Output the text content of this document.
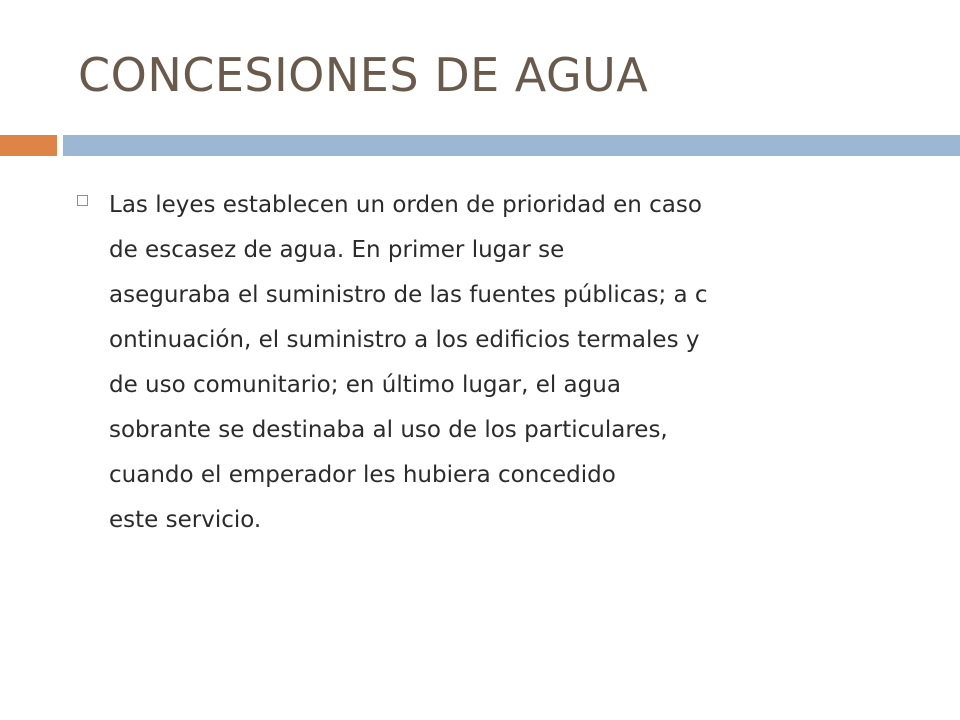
CONCESIONES DE AGUA
Las leyes establecen un orden de prioridad en caso
de escasez de agua. En primer lugar se
aseguraba el suministro de las fuentes públicas; a c
ontinuación, el suministro a los edificios termales y
de uso comunitario; en último lugar, el agua
sobrante se destinaba al uso de los particulares,
cuando el emperador les hubiera concedido
este servicio.
